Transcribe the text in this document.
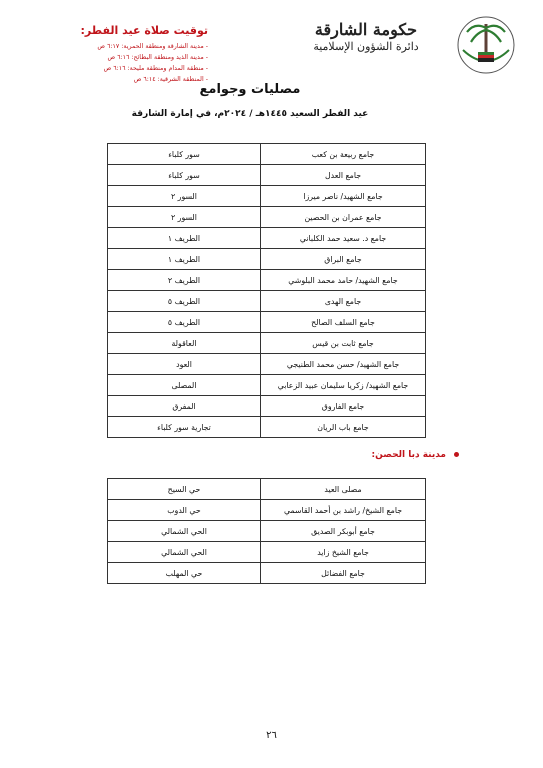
توقيت صلاة عيد الفطر:
- مدينة الشارقة ومنطقة الحمرية: ٦:١٧ ص
- مدينة الذيد ومنطقة البطائح: ٦:١٦ ص
- منطقة المدام ومنطقة مليحة: ٦:١٦ ص
- المنطقة الشرقية: ٦:١٤ ص
حكومة الشارقة
دائرة الشؤون الإسلامية
مصليات وجوامع
عيد الفطر السعيد ١٤٤٥هـ / ٢٠٢٤م، في إمارة الشارقة
جامع ربيعة بن كعب	سور كلباء
جامع العدل	سور كلباء
جامع الشهيد/ ناصر ميرزا	السور ٢
جامع عمران بن الحصين	السور ٢
جامع د. سعيد حمد الكلباني	الطريف ١
جامع البراق	الطريف ١
جامع الشهيد/ حامد محمد البلوشي	الطريف ٢
جامع الهدى	الطريف ٥
جامع السلف الصالح	الطريف ٥
جامع ثابت بن قيس	العاقولة
جامع الشهيد/ حسن محمد الطنيجي	العود
جامع الشهيد/ زكريا سليمان عبيد الزعابي	المصلى
جامع الفاروق	المفرق
جامع باب الريان	تجارية سور كلباء
مدينة دبا الحصن:
مصلى العيد	حي السيح
جامع الشيخ/ راشد بن أحمد القاسمي	حي الدوب
جامع أبوبكر الصديق	الحي الشمالي
جامع الشيخ زايد	الحي الشمالي
جامع الفضائل	حي المهلب
٢٦
